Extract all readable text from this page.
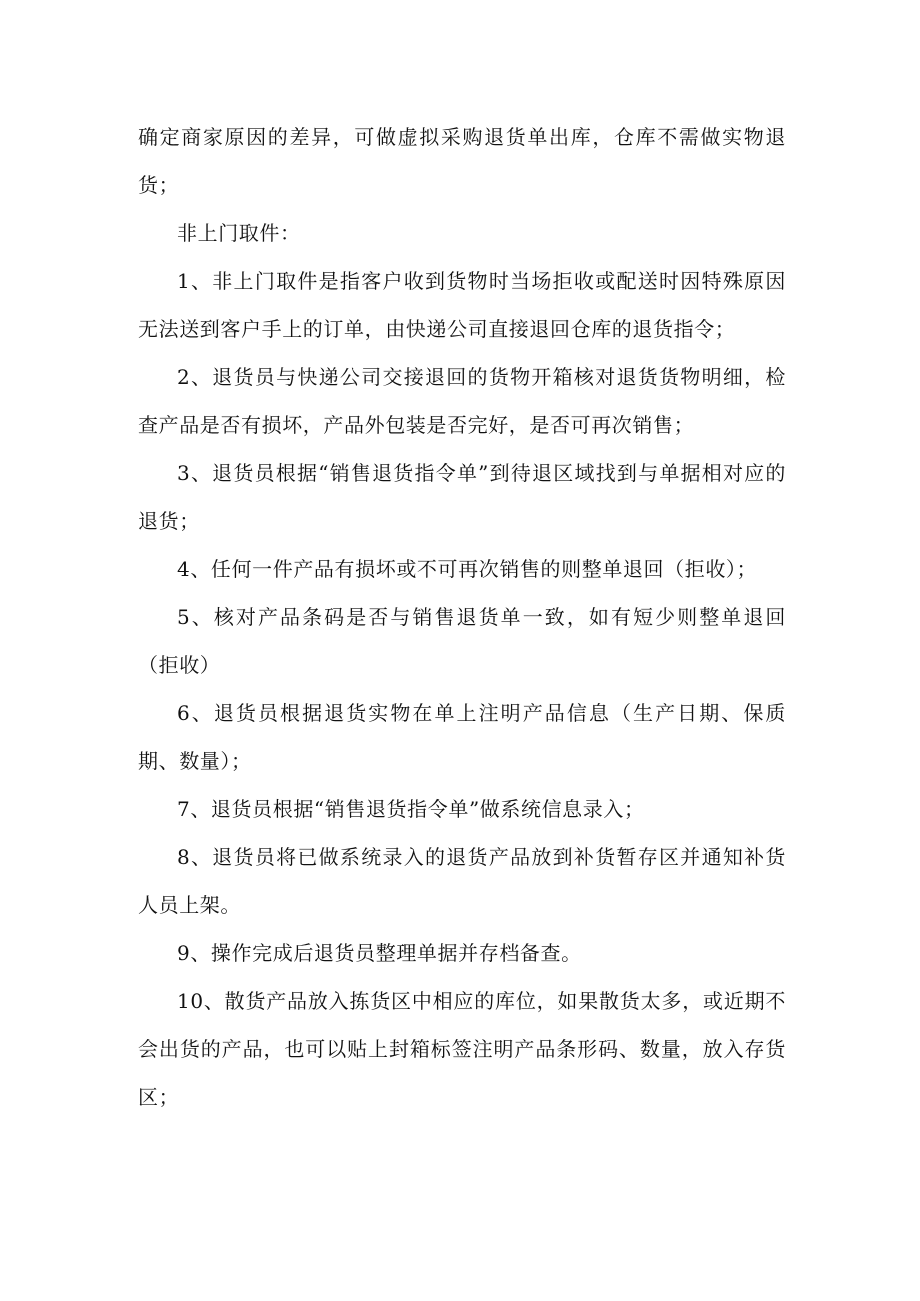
确定商家原因的差异，可做虚拟采购退货单出库，仓库不需做实物退货；

非上门取件：

1、非上门取件是指客户收到货物时当场拒收或配送时因特殊原因无法送到客户手上的订单，由快递公司直接退回仓库的退货指令；

2、退货员与快递公司交接退回的货物开箱核对退货货物明细，检查产品是否有损坏，产品外包装是否完好，是否可再次销售；

3、退货员根据“销售退货指令单”到待退区域找到与单据相对应的退货；

4、任何一件产品有损坏或不可再次销售的则整单退回（拒收）；

5、核对产品条码是否与销售退货单一致，如有短少则整单退回（拒收）

6、退货员根据退货实物在单上注明产品信息（生产日期、保质期、数量）；

7、退货员根据“销售退货指令单”做系统信息录入；

8、退货员将已做系统录入的退货产品放到补货暂存区并通知补货人员上架。

9、操作完成后退货员整理单据并存档备查。

10、散货产品放入拣货区中相应的库位，如果散货太多，或近期不会出货的产品，也可以贴上封箱标签注明产品条形码、数量，放入存货区；
